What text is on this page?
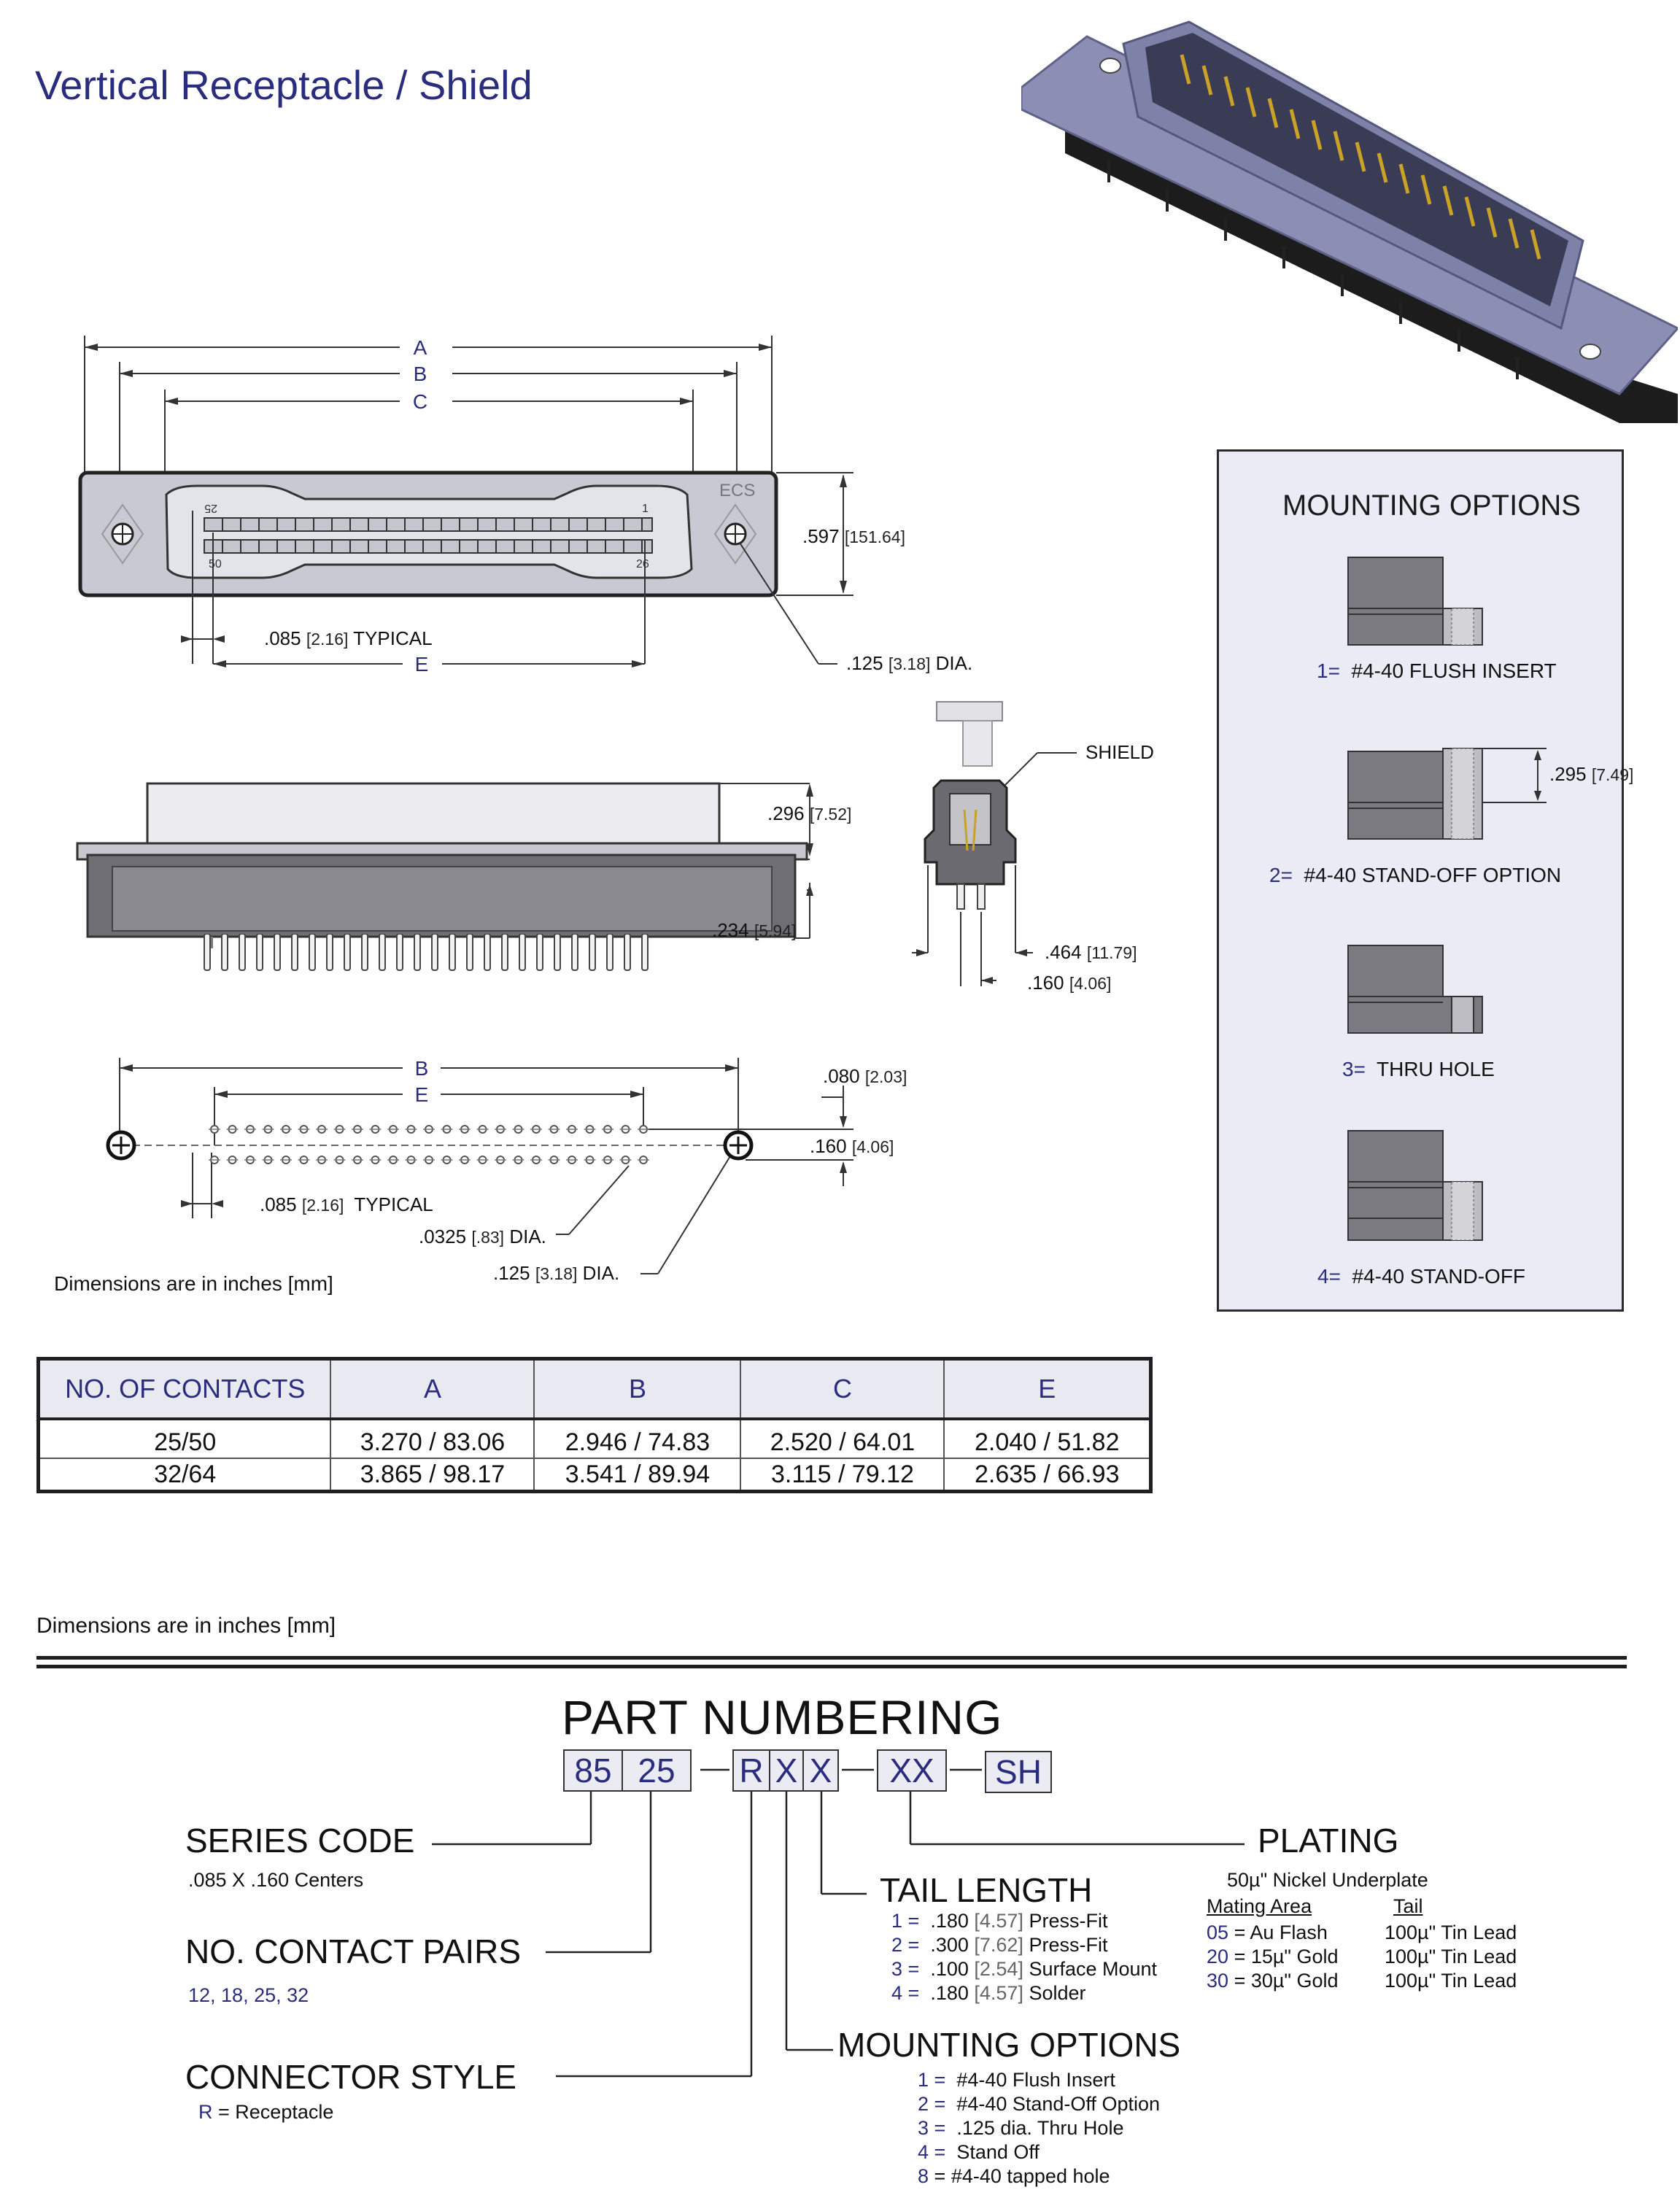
Vertical Receptacle / Shield
A
B
C
25	1
50	26
ECS
E
.597 [151.64]
.085 [2.16] TYPICAL
.125 [3.18] DIA.
.296 [7.52]
.234 [5.94]
SHIELD
.464 [11.79]
.160 [4.06]
B
E
.080 [2.03]
.160 [4.06]
.085 [2.16] TYPICAL
.0325 [.83] DIA.
.125 [3.18] DIA.
Dimensions are in inches [mm]
MOUNTING OPTIONS
1= #4-40 FLUSH INSERT
.295 [7.49]
2= #4-40 STAND-OFF OPTION
3= THRU HOLE
4= #4-40 STAND-OFF
NO. OF CONTACTS	A	B	C	E
25/50	3.270 / 83.06	2.946 / 74.83	2.520 / 64.01	2.040 / 51.82
32/64	3.865 / 98.17	3.541 / 89.94	3.115 / 79.12	2.635 / 66.93
Dimensions are in inches [mm]
PART NUMBERING
85 25	R X X	XX	SH
SERIES CODE
.085 X .160 Centers
NO. CONTACT PAIRS
12, 18, 25, 32
CONNECTOR STYLE
R = Receptacle
TAIL LENGTH
1 = .180 [4.57] Press-Fit
2 = .300 [7.62] Press-Fit
3 = .100 [2.54] Surface Mount
4 = .180 [4.57] Solder
MOUNTING OPTIONS
1 = #4-40 Flush Insert
2 = #4-40 Stand-Off Option
3 = .125 dia. Thru Hole
4 = Stand Off
8 = #4-40 tapped hole
PLATING
50µ" Nickel Underplate
Mating Area	Tail
05 = Au Flash	100µ" Tin Lead
20 = 15µ" Gold 100µ" Tin Lead
30 = 30µ" Gold 100µ" Tin Lead
